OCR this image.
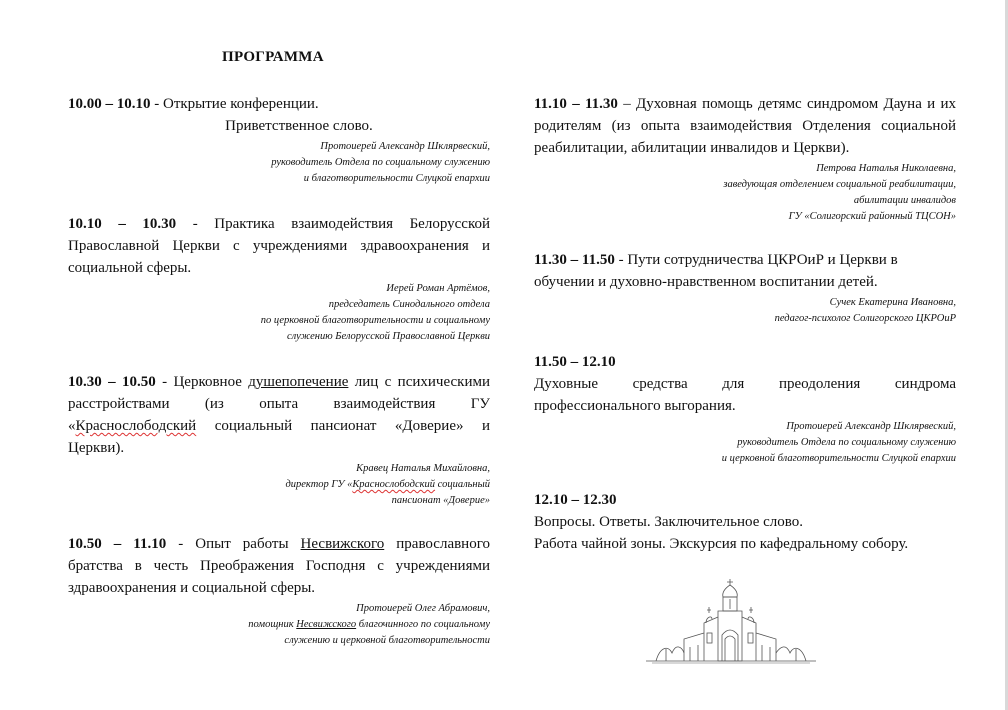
ПРОГРАММА
10.00 – 10.10 - Открытие конференции.
Приветственное слово.
Протоиерей Александр Шклярвеский,
руководитель Отдела по социальному служению
и благотворительности Слуцкой епархии
10.10 – 10.30 - Практика взаимодействия Белорусской Православной Церкви с учреждениями здравоохранения и социальной сферы.
Иерей Роман Артёмов,
председатель Синодального отдела
по церковной благотворительности и социальному
служению Белорусской Православной Церкви
10.30 – 10.50 - Церковное душепопечение лиц с психическими расстройствами (из опыта взаимодействия ГУ «Краснослободский социальный пансионат «Доверие» и Церкви).
Кравец Наталья Михайловна,
директор ГУ «Краснослободский социальный
пансионат «Доверие»
10.50 – 11.10 - Опыт работы Несвижского православного братства в честь Преображения Господня с учреждениями здравоохранения и социальной сферы.
Протоиерей Олег Абрамович,
помощник Несвижского благочинного по социальному
служению и церковной благотворительности
11.10 – 11.30 – Духовная помощь детямс синдромом Дауна и их родителям (из опыта взаимодействия Отделения социальной реабилитации, абилитации инвалидов и Церкви).
Петрова Наталья Николаевна,
заведующая отделением социальной реабилитации,
абилитации инвалидов
ГУ «Солигорский районный ТЦСОН»
11.30 – 11.50 - Пути сотрудничества ЦКРОиР и Церкви в обучении и духовно-нравственном воспитании детей.
Сучек Екатерина Ивановна,
педагог-психолог Солигорского ЦКРОиР
11.50 – 12.10
Духовные средства для преодоления синдрома профессионального выгорания.
Протоиерей Александр Шклярвеский,
руководитель Отдела по социальному служению
и церковной благотворительности Слуцкой епархии
12.10 – 12.30
Вопросы. Ответы. Заключительное слово.
Работа чайной зоны. Экскурсия по кафедральному собору.
